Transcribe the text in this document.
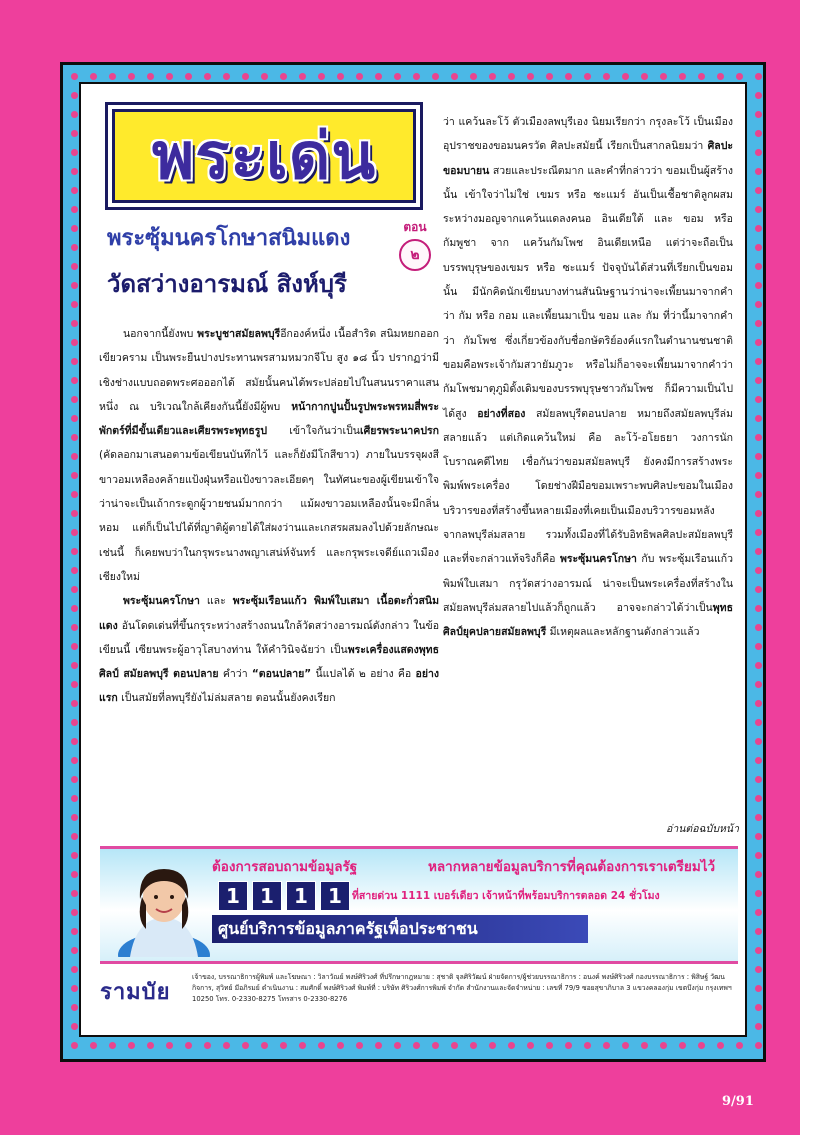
พระเด่น
พระซุ้มนครโกษาสนิมแดง	ตอน
๒
วัดสว่างอารมณ์ สิงห์บุรี

นอกจากนี้ยังพบ พระบูชาสมัยลพบุรีอีกองค์หนึ่ง เนื้อสำริด สนิมหยกออกเขียวคราม เป็นพระยืนปางประทานพรสามหมวกจีโบ สูง ๑๘ นิ้ว ปรากฏว่ามีเชิงช่างแบบถอดพระศอออกได้ สมัยนั้นคนได้พระปล่อยไปในสนนราคาแสนหนึ่ง ณ บริเวณใกล้เคียงกันนี้ยังมีผู้พบ หน้ากากปูนปั้นรูปพระพรหมสี่พระพักตร์ที่มีขั้นเดียวและเศียรพระพุทธรูป เข้าใจกันว่าเป็นเศียรพระนาคปรก (คัดลอกมาเสนอตามข้อเขียนบันทึกไว้ และก็ยังมีโกสีขาว) ภายในบรรจุผงสีขาวอมเหลืองคล้ายแป้งฝุ่นหรือแป้งขาวละเอียดๆ ในทัศนะของผู้เขียนเข้าใจว่าน่าจะเป็นเถ้ากระดูกผู้วายชนม์มากกว่า แม้ผงขาวอมเหลืองนั้นจะมีกลิ่นหอม แต่ก็เป็นไปได้ที่ญาติผู้ตายได้ใส่ผงว่านและเกสรผสมลงไปด้วยลักษณะเช่นนี้ ก็เคยพบว่าในกรุพระนางพญาเสน่ห์จันทร์ และกรุพระเจดีย์แถวเมืองเชียงใหม่

พระซุ้มนครโกษา และ พระซุ้มเรือนแก้ว พิมพ์ใบเสมา เนื้อตะกั่วสนิมแดง อันโดดเด่นที่ขึ้นกรุระหว่างสร้างถนนใกล้วัดสว่างอารมณ์ดังกล่าว ในข้อเขียนนี้ เซียนพระผู้อาวุโสบางท่าน ให้คำวินิจฉัยว่า เป็นพระเครื่องแสดงพุทธศิลป์ สมัยลพบุรี ตอนปลาย คำว่า “ตอนปลาย” นี้แปลได้ ๒ อย่าง คือ อย่างแรก เป็นสมัยที่ลพบุรียังไม่ล่มสลาย ตอนนั้นยังคงเรียก

ว่า แคว้นละโว้ ตัวเมืองลพบุรีเอง นิยมเรียกว่า กรุงละโว้ เป็นเมืองอุปราชของขอมนครวัด ศิลปะสมัยนี้ เรียกเป็นสากลนิยมว่า ศิลปะขอมบายน สวยและประณีตมาก และคำที่กล่าวว่า ขอมเป็นผู้สร้างนั้น เข้าใจว่าไม่ใช่ เขมร หรือ ซะแมร์ อันเป็นเชื้อชาติลูกผสมระหว่างมอญจากแคว้นแดลงคนอ อินเดียใต้ และ ขอม หรือ กัมพูชา จาก แคว้นกัมโพช อินเดียเหนือ แต่ว่าจะถือเป็นบรรพบุรุษของเขมร หรือ ซะแมร์ ปัจจุบันได้ส่วนที่เรียกเป็นขอมนั้น มีนักคิดนักเขียนบางท่านสันนิษฐานว่าน่าจะเพี้ยนมาจากคำว่า กัม หรือ กอม และเพี้ยนมาเป็น ขอม และ กัม ที่ว่านี้มาจากคำว่า กัมโพช ซึ่งเกี่ยวข้องกับชื่อกษัตริย์องค์แรกในตำนานชนชาติขอมคือพระเจ้ากัมสวายัมภูวะ หรือไม่ก็อาจจะเพี้ยนมาจากคำว่ากัมโพชมาตุภูมิดั้งเดิมของบรรพบุรุษชาวกัมโพช ก็มีความเป็นไปได้สูง อย่างที่สอง สมัยลพบุรีตอนปลาย หมายถึงสมัยลพบุรีล่มสลายแล้ว แต่เกิดแคว้นใหม่ คือ ละโว้-อโยธยา วงการนักโบราณคดีไทย เชื่อกันว่าขอมสมัยลพบุรี ยังคงมีการสร้างพระพิมพ์พระเครื่อง โดยช่างฝีมือขอมเพราะพบศิลปะขอมในเมืองบริวารของที่สร้างขึ้นหลายเมืองที่เคยเป็นเมืองบริวารขอมหลังจากลพบุรีล่มสลาย รวมทั้งเมืองที่ได้รับอิทธิพลศิลปะสมัยลพบุรี และที่จะกล่าวแท้จริงก็คือ พระซุ้มนครโกษา กับ พระซุ้มเรือนแก้ว พิมพ์ใบเสมา กรุวัดสว่างอารมณ์ น่าจะเป็นพระเครื่องที่สร้างในสมัยลพบุรีล่มสลายไปแล้วก็ถูกแล้ว อาจจะกล่าวได้ว่าเป็นพุทธศิลป์ยุคปลายสมัยลพบุรี มีเหตุผลและหลักฐานดังกล่าวแล้ว

อ่านต่อฉบับหน้า
ต้องการสอบถามข้อมูลรัฐ	หลากหลายข้อมูลบริการที่คุณต้องการเราเตรียมไว้
1	1	1	1 ที่สายด่วน 1111 เบอร์เดียว เจ้าหน้าที่พร้อมบริการตลอด 24 ชั่วโมง
ศูนย์บริการข้อมูลภาครัฐเพื่อประชาชน
รามบัย
เจ้าของ, บรรณาธิการผู้พิมพ์ และโฆษณา : วิลาวัณย์ พงษ์ศิริวงศ์ ที่ปรึกษากฎหมาย : สุชาติ จุลศิริวัฒน์ ฝ่ายจัดการ/ผู้ช่วยบรรณาธิการ : อนงค์ พงษ์ศิริวงศ์ กองบรรณาธิการ : พิสิษฐ์ วัฒนกิจการ, สุวิทย์ มีอภิรมย์ ดำเนินงาน : สมศักดิ์ พงษ์ศิริวงศ์ พิมพ์ที่ : บริษัท ศิริวงศ์การพิมพ์ จำกัด สำนักงานและจัดจำหน่าย : เลขที่ 79/9 ซอยสุขาภิบาล 3 แขวงคลองกุ่ม เขตบึงกุ่ม กรุงเทพฯ 10250 โทร. 0-2330-8275 โทรสาร 0-2330-8276
9/91
